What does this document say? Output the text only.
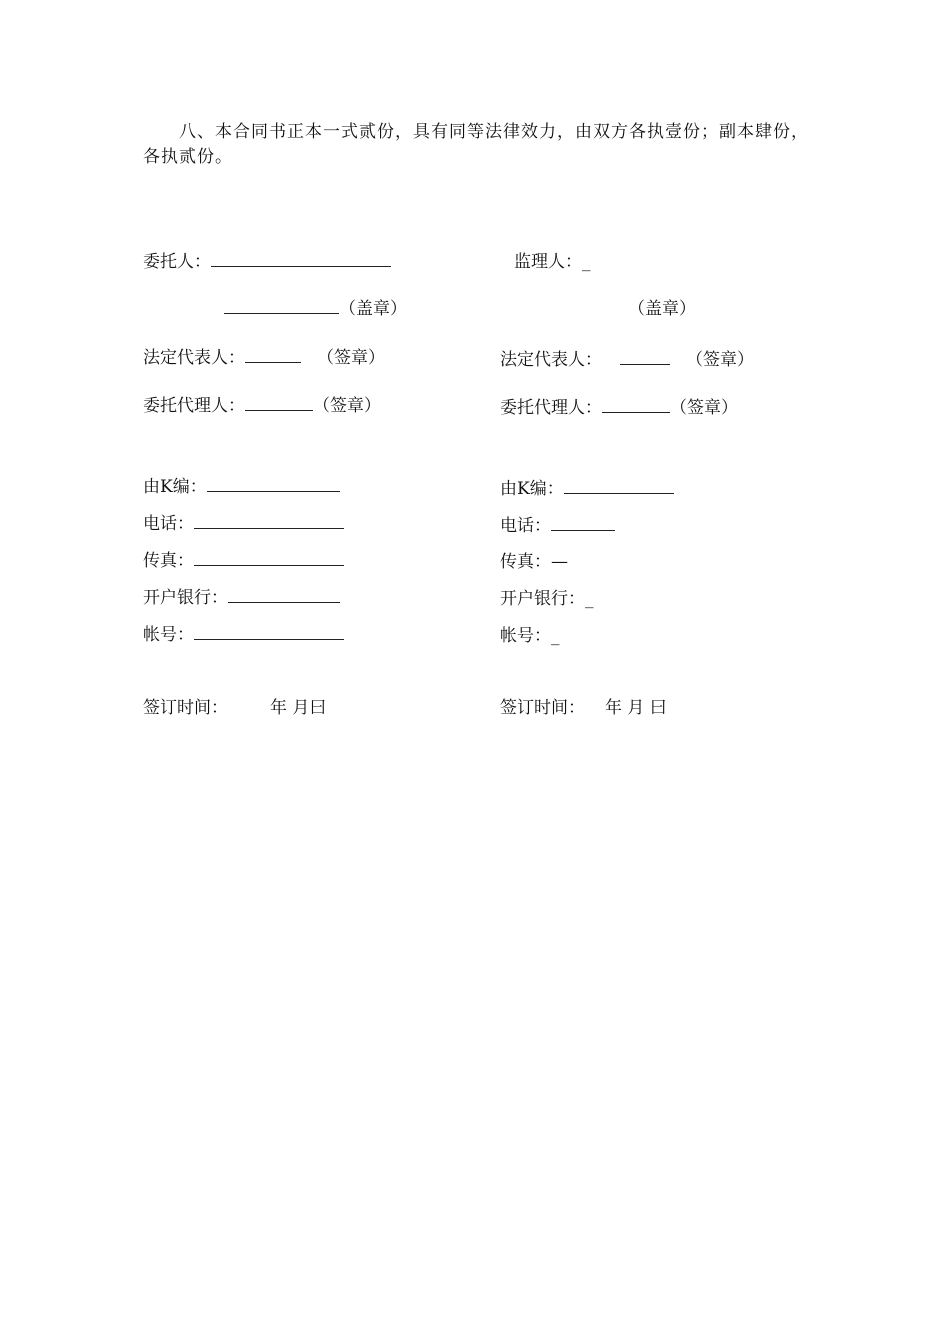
八、本合同书正本一式贰份，具有同等法律效力，由双方各执壹份；副本肆份，各执贰份。
委托人：
（盖章）
法定代表人：	（签章）
委托代理人：	（签章）
由K编：
电话：
传真：
开户银行：
帐号：
签订时间： 年 月曰
监理人：_
（盖章）
法定代表人：	（签章）
委托代理人：	（签章）
由K编：
电话：
传真：—
开户银行：_
帐号：_
签订时间： 年 月 曰
